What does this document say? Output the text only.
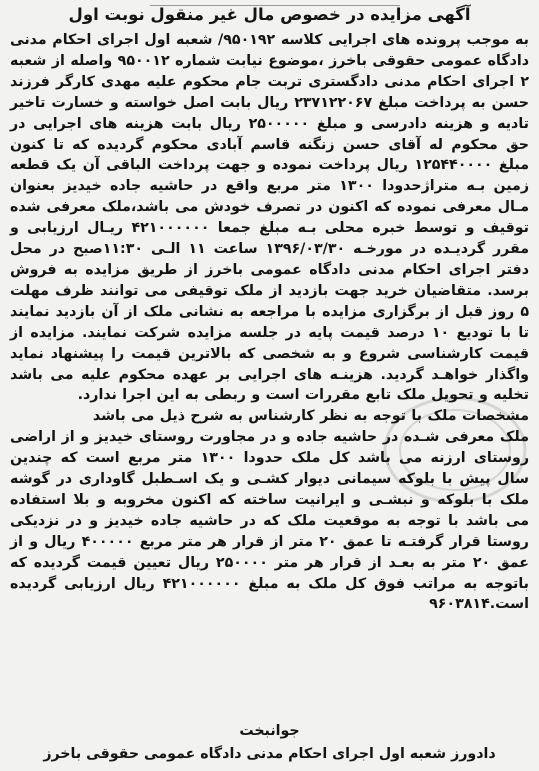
آگهی مزایده در خصوص مال غیر منقول نوبت اول

به موجب پرونده های اجرایی کلاسه ۹۵۰۱۹۲/ شعبه اول اجرای احکام مدنی دادگاه عمومی حقوقی باخرز ،موضوع نیابت شماره ۹۵۰۰۱۲ واصله از شعبه ۲ اجرای احکام مدنی دادگستری تربت جام محکوم علیه مهدی کارگر فرزند حسن به پرداخت مبلغ ۲۳۷۱۲۲۰۶۷ ریال بابت اصل خواسته و خسارت تاخیر تادیه و هزینه دادرسی و مبلغ ۲۵۰۰۰۰۰ ریال بابت هزینه های اجرایی در حق محکوم له آقای حسن زنگنه قاسم آبادی محکوم گردیده که تا کنون مبلغ ۱۲۵۴۴۰۰۰۰ ریال پرداخت نموده و جهت پرداخت الباقی آن یک قطعه زمین بـه متراژحدودا ۱۳۰۰ متر مربع واقع در حاشیه جاده خیدیز بعنوان مـال معرفی نموده که اکنون در تصرف خودش می باشد،ملک معرفی شده توقیف و توسط خبره محلی بـه مبلغ جمعا ۴۲۱۰۰۰۰۰۰ ریـال ارزیابی و مقرر گردیـده در مورخـه ۱۳۹۶/۰۳/۳۰ ساعت ۱۱ الـی ۱۱:۳۰صبح در محل دفتر اجرای احکام مدنی دادگاه عمومی باخرز از طریق مزایده به فروش برسد. متقاضیان خرید جهت بازدید از ملک توقیفی می توانند ظرف مهلت ۵ روز قبل از برگزاری مزایده با مراجعه به نشانی ملک از آن بازدید نمایند تا با تودیع ۱۰ درصد قیمت پایه در جلسه مزایده شرکت نمایند. مزایده از قیمت کارشناسی شروع و به شخصی که بالاترین قیمت را پیشنهاد نماید واگذار خواهـد گردید. هزینـه های اجرایی بر عهده محکوم علیه می باشد تخلیه و تحویل ملک تابع مقررات است و ربطی به این اجرا ندارد.

مشخصات ملک با توجه به نظر کارشناس به شرح ذیل می باشد

ملک معرفی شـده در حاشیه جاده و در مجاورت روستای خیدیز و از اراضی روستای ارزنه می باشد کل ملک حدودا ۱۳۰۰ متر مربع است که چندین سال پیش با بلوکه سیمانی دیوار کشـی و یک اسـطبل گاوداری در گوشه ملک با بلوکه و نبشـی و ایرانیت ساخته که اکنون مخروبه و بلا استفاده می باشد با توجه به موقعیت ملک که در حاشیه جاده خیدیز و در نزدیکی روستا قرار گرفتـه تا عمق ۲۰ متر از قرار هر متر مربع ۴۰۰۰۰۰ ریال و از عمق ۲۰ متر به بعـد از قرار هر متر ۲۵۰۰۰۰ ریال تعیین قیمت گردیده که باتوجه به مراتب فوق کل ملک به مبلغ ۴۲۱۰۰۰۰۰۰ ریال ارزیابی گردیده است.۹۶۰۳۸۱۴

جوانبخت
دادورز شعبه اول اجرای احکام مدنی دادگاه عمومی حقوقی باخرز
